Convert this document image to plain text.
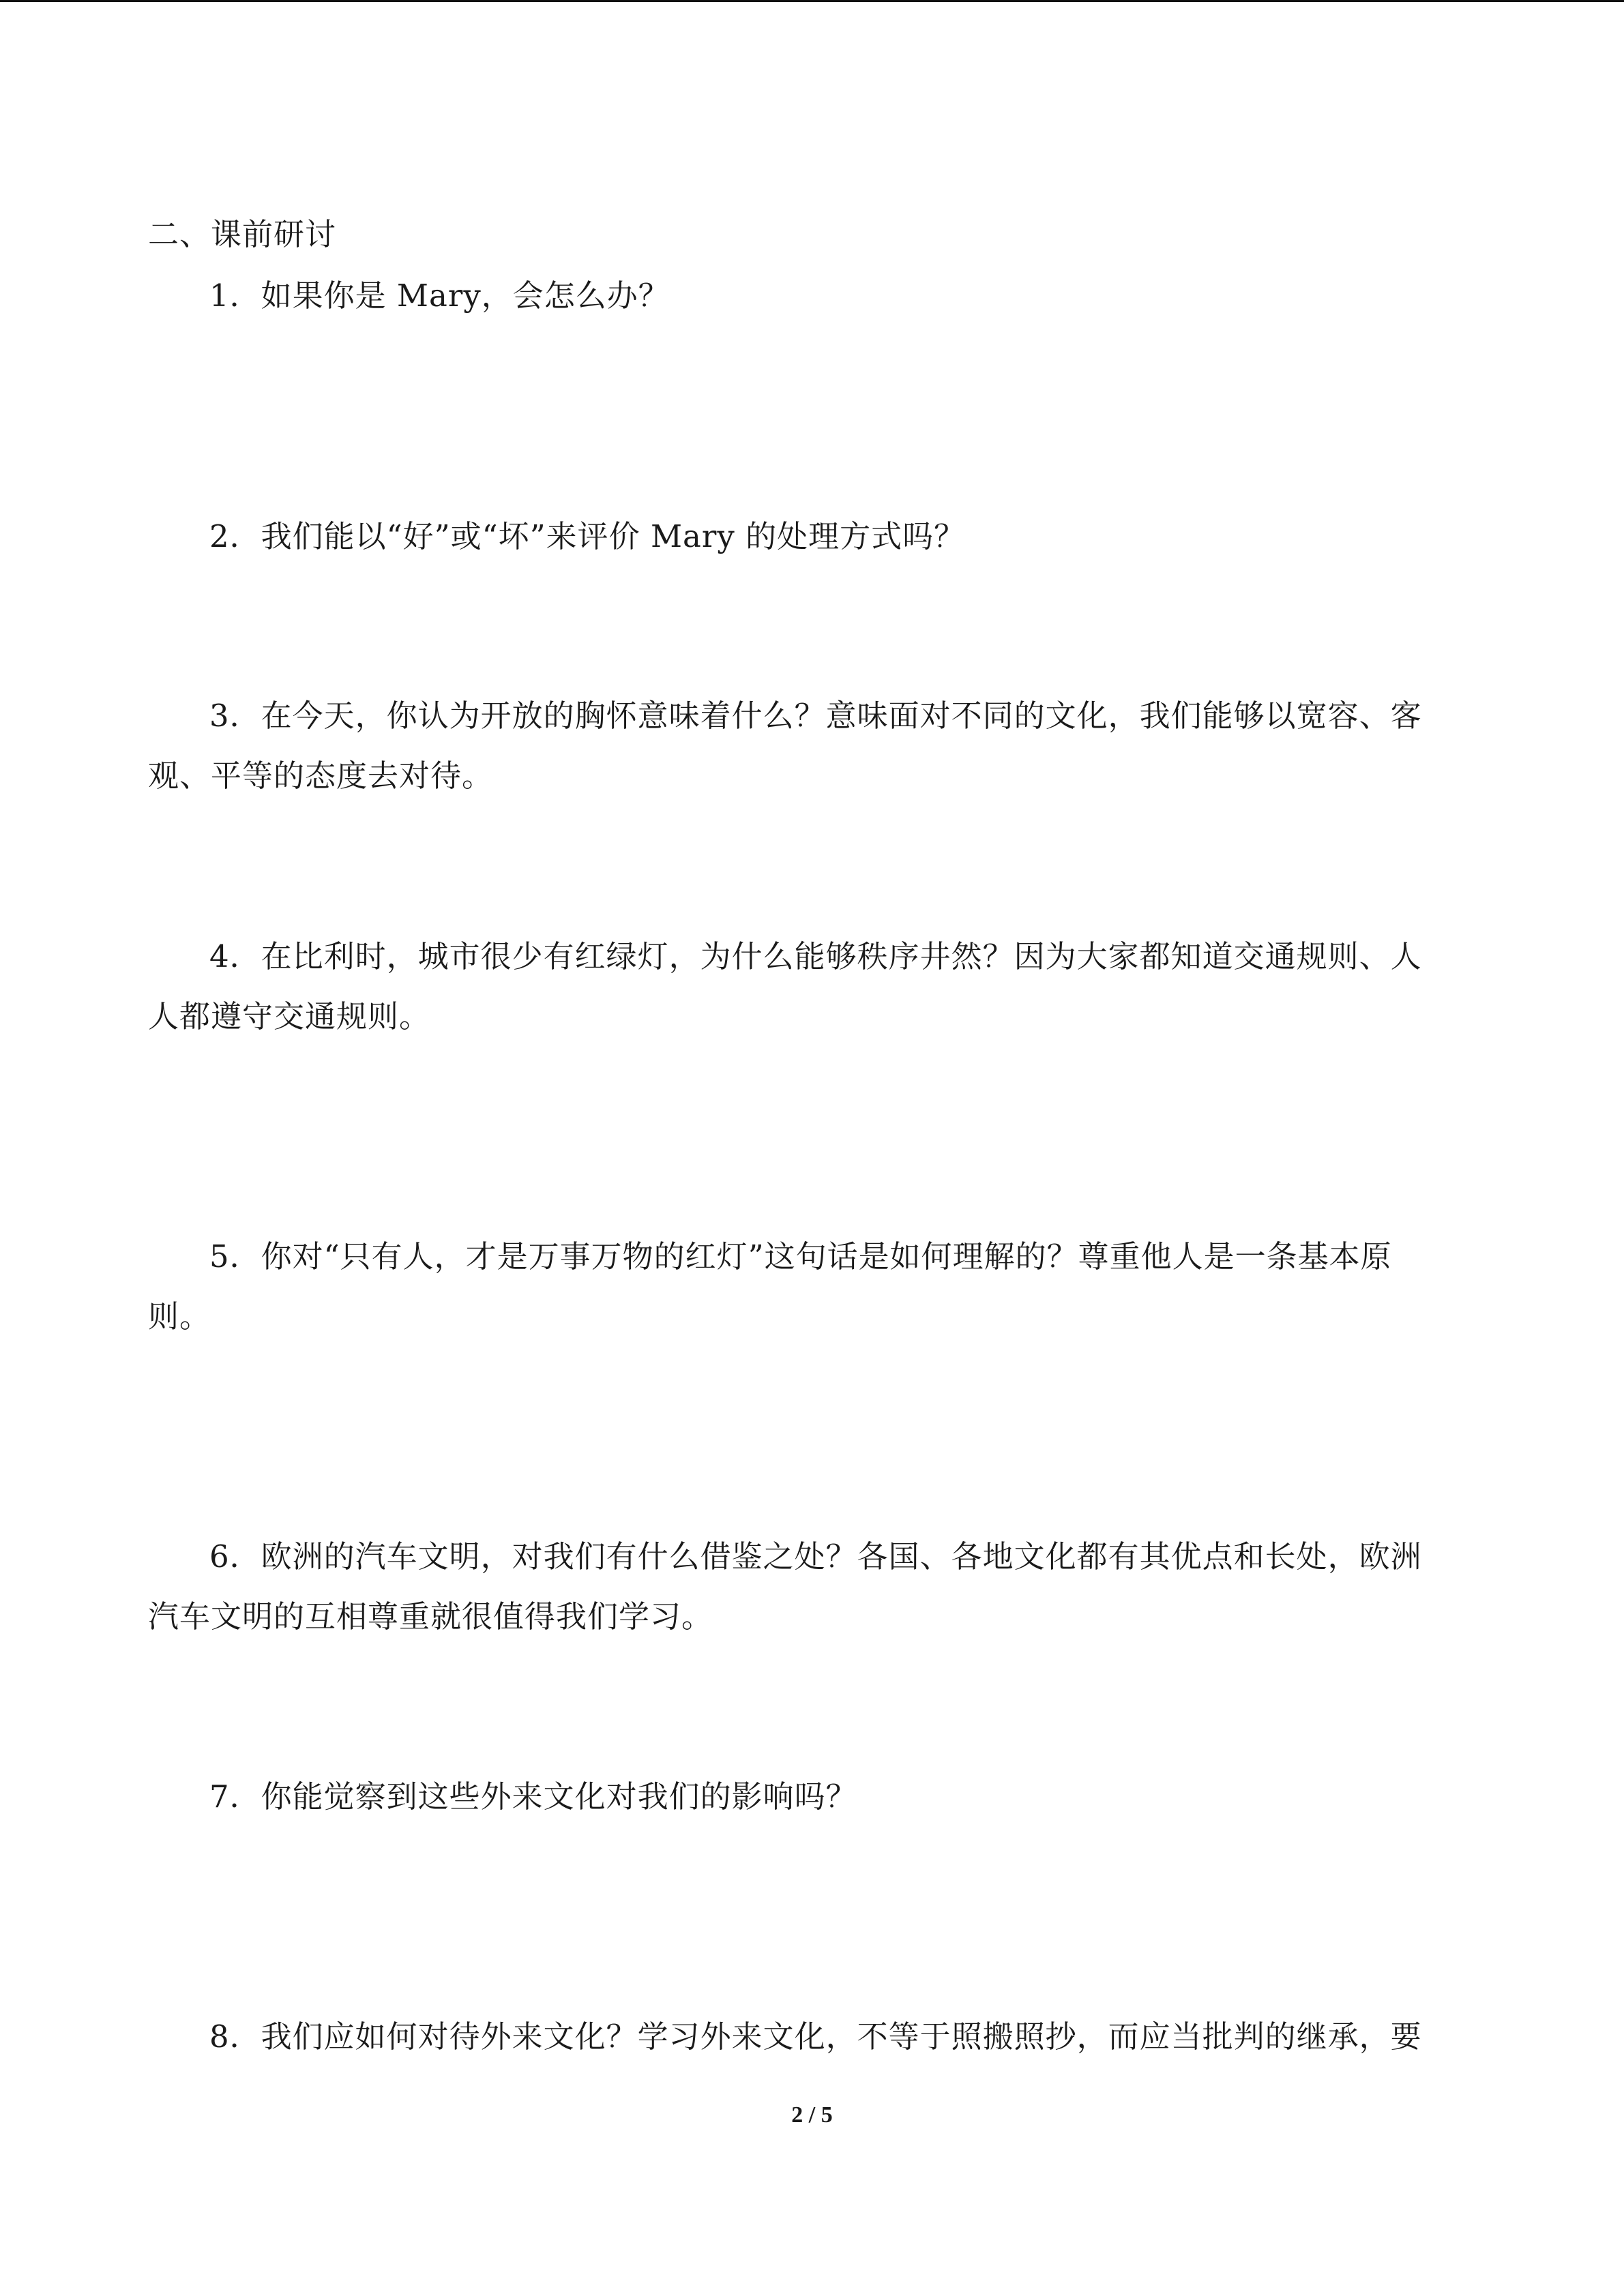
二、课前研讨
1．如果你是 Mary，会怎么办？
2．我们能以“好”或“坏”来评价 Mary 的处理方式吗？
3．在今天，你认为开放的胸怀意味着什么？意味面对不同的文化，我们能够以宽容、客
观、平等的态度去对待。
4．在比利时，城市很少有红绿灯，为什么能够秩序井然？因为大家都知道交通规则、人
人都遵守交通规则。
5．你对“只有人，才是万事万物的红灯”这句话是如何理解的？尊重他人是一条基本原
则。
6．欧洲的汽车文明，对我们有什么借鉴之处？各国、各地文化都有其优点和长处，欧洲
汽车文明的互相尊重就很值得我们学习。
7．你能觉察到这些外来文化对我们的影响吗？
8．我们应如何对待外来文化？学习外来文化，不等于照搬照抄，而应当批判的继承，要
2 / 5
